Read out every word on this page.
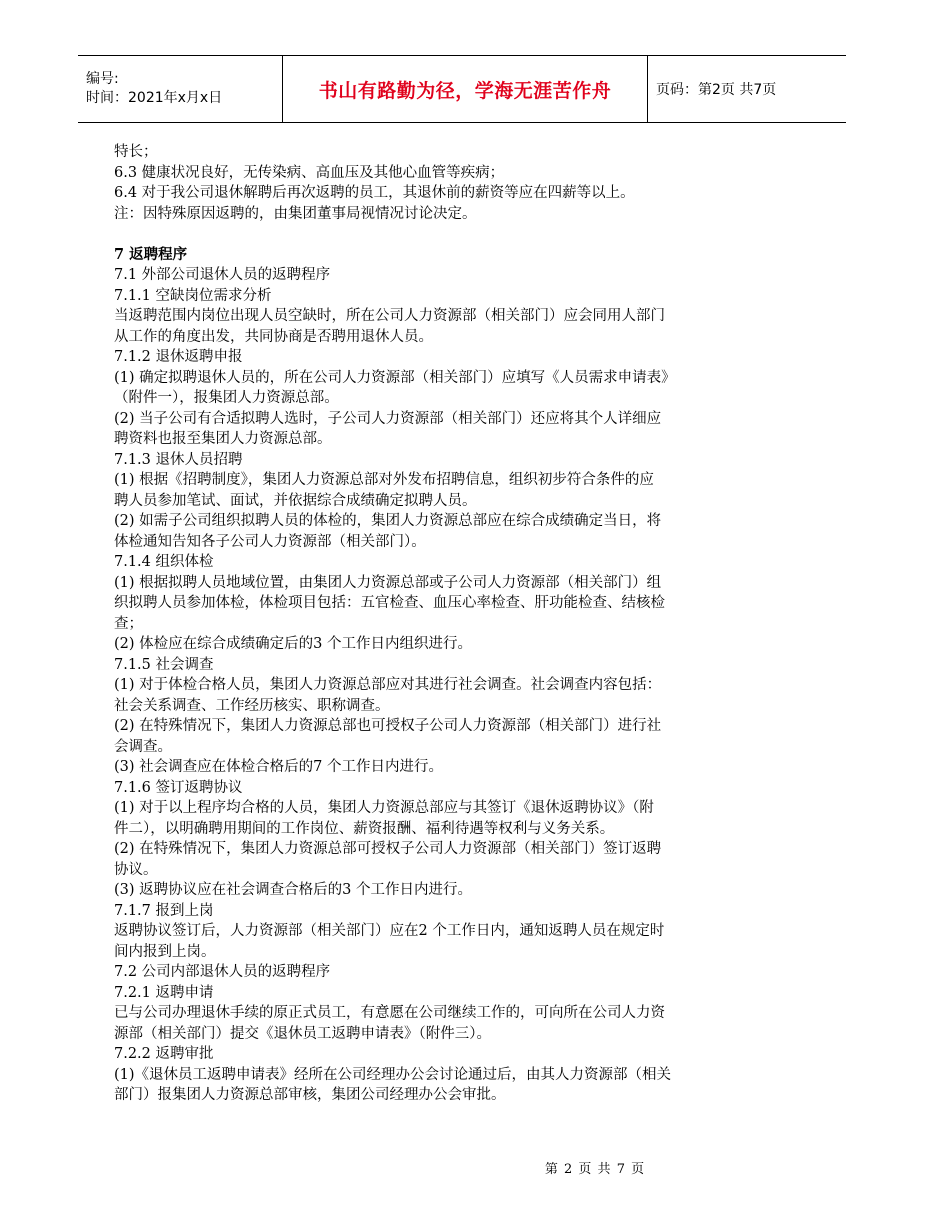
编号:
时间：2021年x月x日	书山有路勤为径，学海无涯苦作舟	页码：第2页 共7页

特长；

6.3 健康状况良好，无传染病、高血压及其他心血管等疾病；

6.4 对于我公司退休解聘后再次返聘的员工，其退休前的薪资等应在四薪等以上。

注：因特殊原因返聘的，由集团董事局视情况讨论决定。

7 返聘程序

7.1 外部公司退休人员的返聘程序

7.1.1 空缺岗位需求分析

当返聘范围内岗位出现人员空缺时，所在公司人力资源部（相关部门）应会同用人部门

从工作的角度出发，共同协商是否聘用退休人员。

7.1.2 退休返聘申报

(1) 确定拟聘退休人员的，所在公司人力资源部（相关部门）应填写《人员需求申请表》

（附件一），报集团人力资源总部。

(2) 当子公司有合适拟聘人选时，子公司人力资源部（相关部门）还应将其个人详细应

聘资料也报至集团人力资源总部。

7.1.3 退休人员招聘

(1) 根据《招聘制度》，集团人力资源总部对外发布招聘信息，组织初步符合条件的应

聘人员参加笔试、面试，并依据综合成绩确定拟聘人员。

(2) 如需子公司组织拟聘人员的体检的，集团人力资源总部应在综合成绩确定当日，将

体检通知告知各子公司人力资源部（相关部门）。

7.1.4 组织体检

(1) 根据拟聘人员地域位置，由集团人力资源总部或子公司人力资源部（相关部门）组

织拟聘人员参加体检，体检项目包括：五官检查、血压心率检查、肝功能检查、结核检

查；

(2) 体检应在综合成绩确定后的3 个工作日内组织进行。

7.1.5 社会调查

(1) 对于体检合格人员，集团人力资源总部应对其进行社会调查。社会调查内容包括：

社会关系调查、工作经历核实、职称调查。

(2) 在特殊情况下，集团人力资源总部也可授权子公司人力资源部（相关部门）进行社

会调查。

(3) 社会调查应在体检合格后的7 个工作日内进行。

7.1.6 签订返聘协议

(1) 对于以上程序均合格的人员，集团人力资源总部应与其签订《退休返聘协议》（附

件二），以明确聘用期间的工作岗位、薪资报酬、福利待遇等权利与义务关系。

(2) 在特殊情况下，集团人力资源总部可授权子公司人力资源部（相关部门）签订返聘

协议。

(3) 返聘协议应在社会调查合格后的3 个工作日内进行。

7.1.7 报到上岗

返聘协议签订后，人力资源部（相关部门）应在2 个工作日内，通知返聘人员在规定时

间内报到上岗。

7.2 公司内部退休人员的返聘程序

7.2.1 返聘申请

已与公司办理退休手续的原正式员工，有意愿在公司继续工作的，可向所在公司人力资

源部（相关部门）提交《退休员工返聘申请表》（附件三）。

7.2.2 返聘审批

(1)《退休员工返聘申请表》经所在公司经理办公会讨论通过后，由其人力资源部（相关

部门）报集团人力资源总部审核，集团公司经理办公会审批。

第 2 页 共 7 页
